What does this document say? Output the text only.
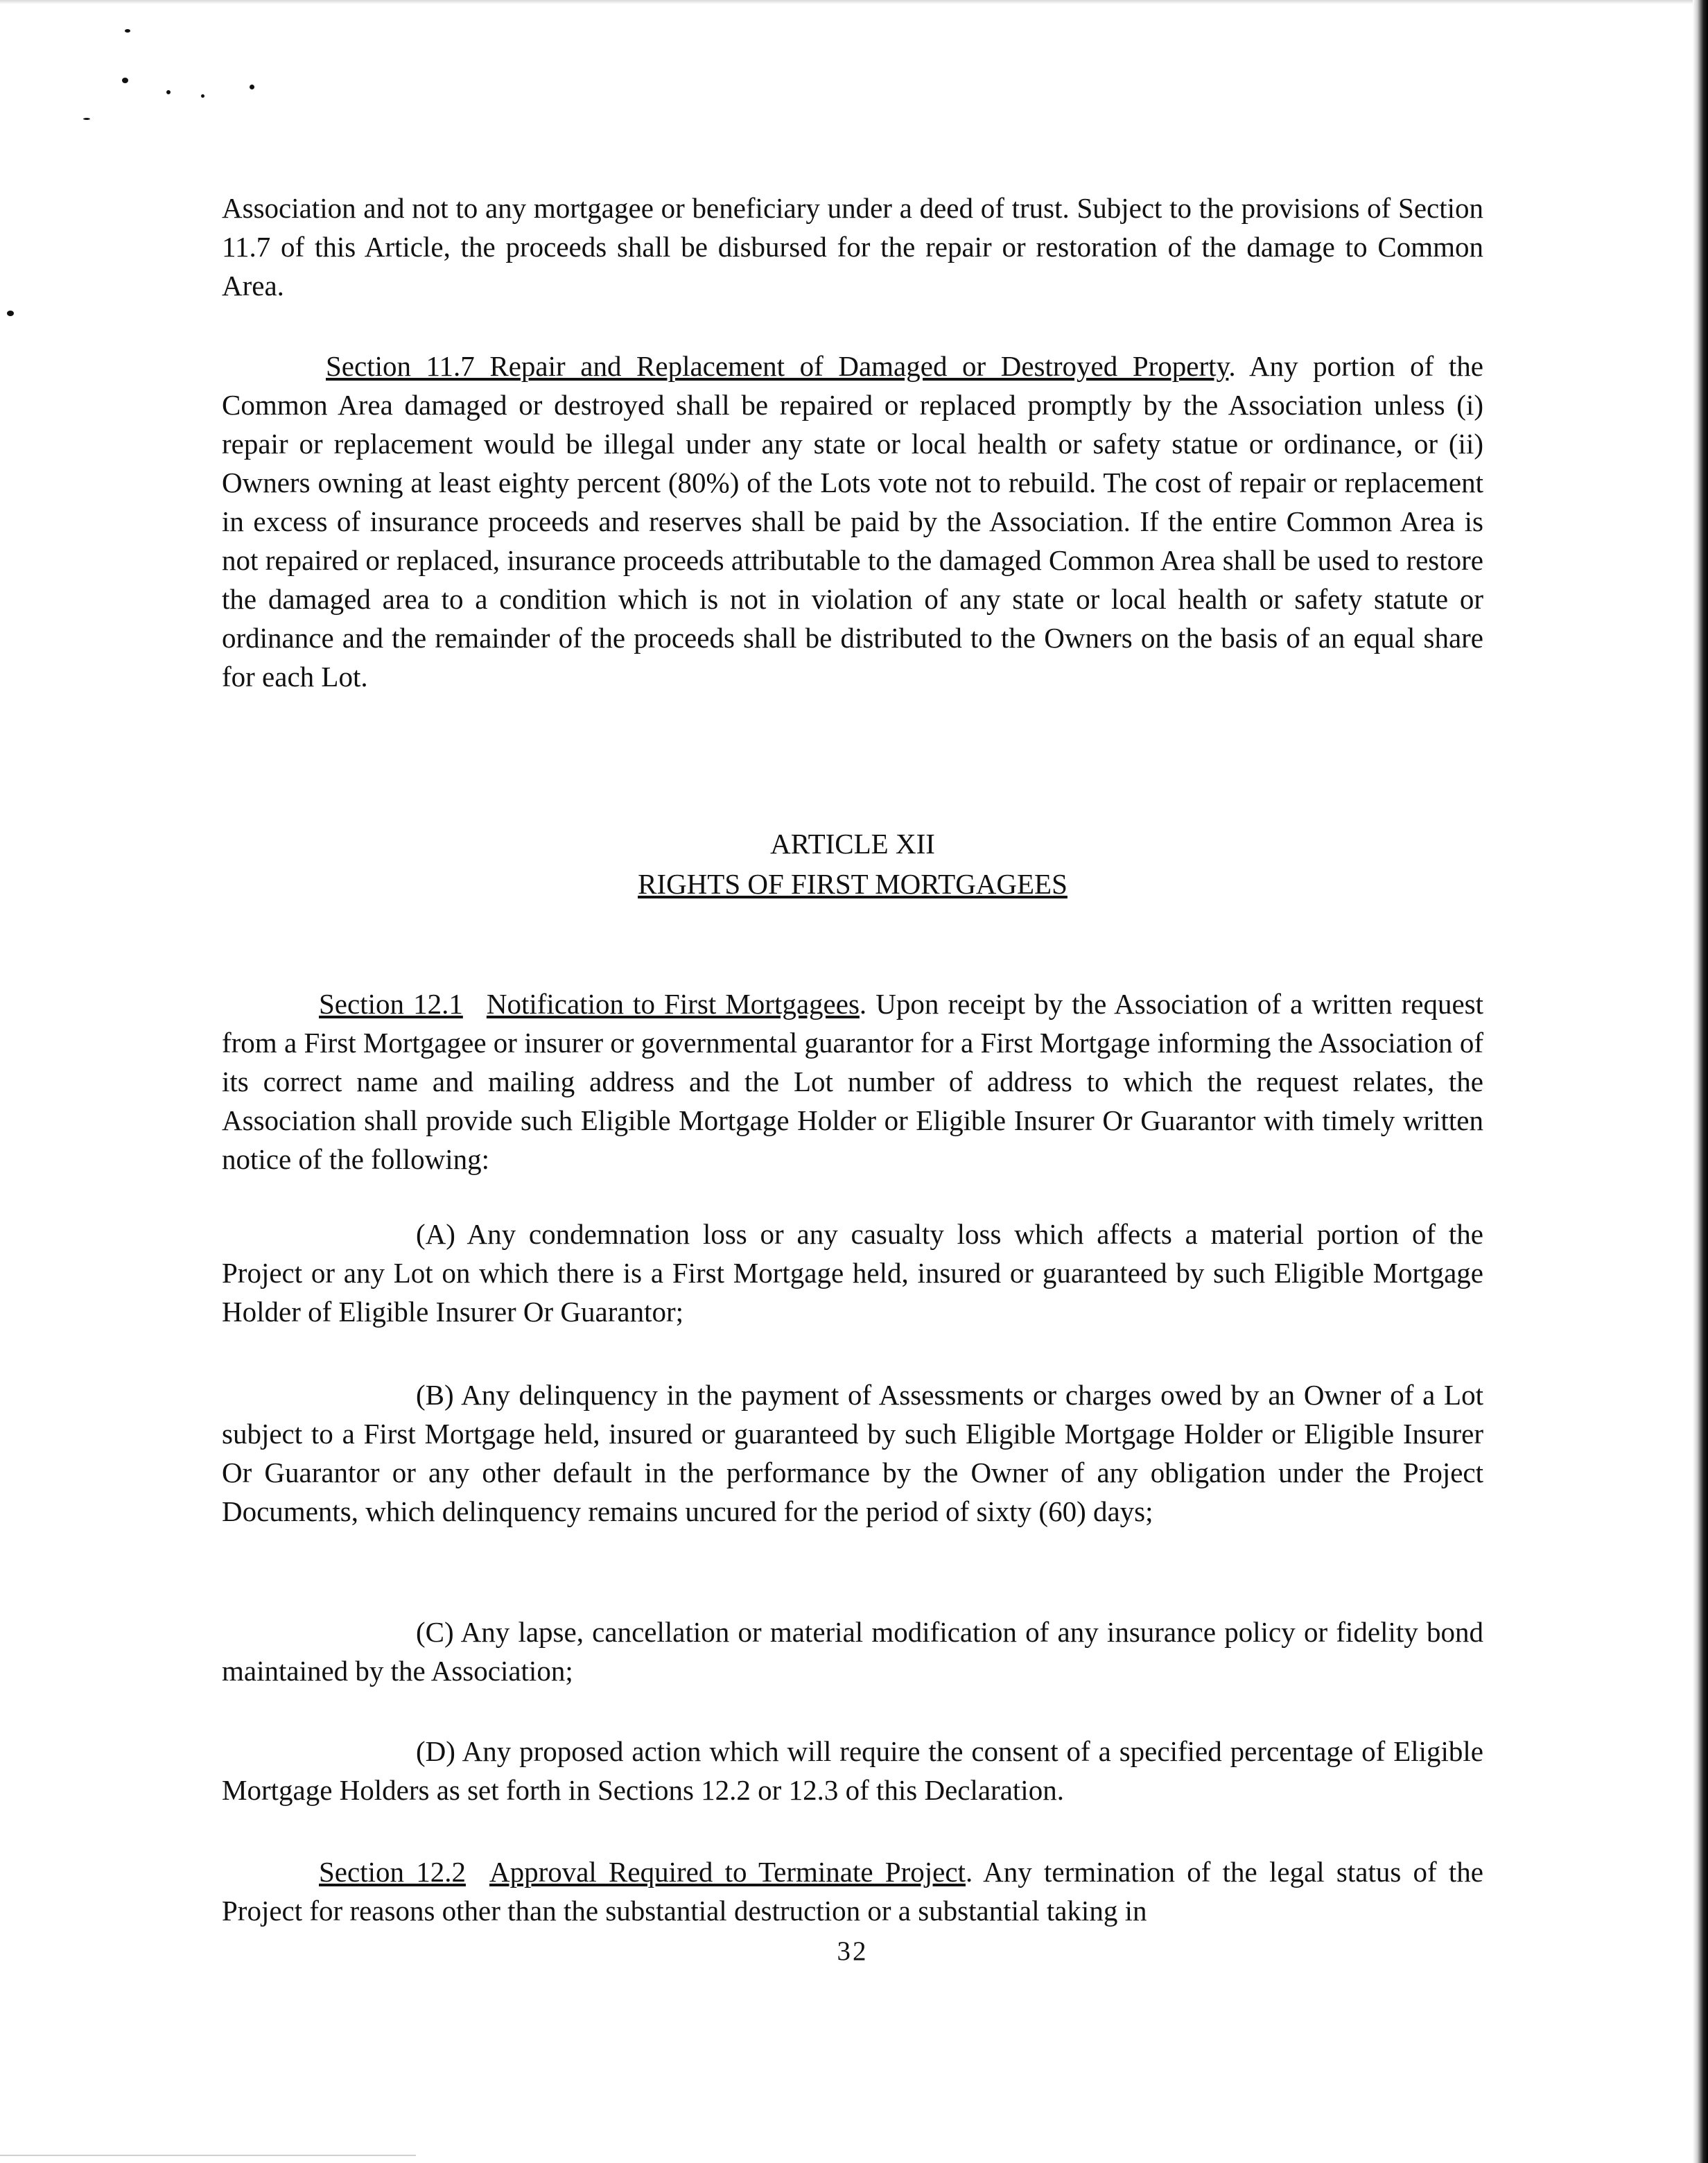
Association and not to any mortgagee or beneficiary under a deed of trust. Subject to the provisions of Section 11.7 of this Article, the proceeds shall be disbursed for the repair or restoration of the damage to Common Area.

Section 11.7 Repair and Replacement of Damaged or Destroyed Property. Any portion of the Common Area damaged or destroyed shall be repaired or replaced promptly by the Association unless (i) repair or replacement would be illegal under any state or local health or safety statue or ordinance, or (ii) Owners owning at least eighty percent (80%) of the Lots vote not to rebuild. The cost of repair or replacement in excess of insurance proceeds and reserves shall be paid by the Association. If the entire Common Area is not repaired or replaced, insurance proceeds attributable to the damaged Common Area shall be used to restore the damaged area to a condition which is not in violation of any state or local health or safety statute or ordinance and the remainder of the proceeds shall be distributed to the Owners on the basis of an equal share for each Lot.

ARTICLE XII
RIGHTS OF FIRST MORTGAGEES

Section 12.1 Notification to First Mortgagees. Upon receipt by the Association of a written request from a First Mortgagee or insurer or governmental guarantor for a First Mortgage informing the Association of its correct name and mailing address and the Lot number of address to which the request relates, the Association shall provide such Eligible Mortgage Holder or Eligible Insurer Or Guarantor with timely written notice of the following:

(A) Any condemnation loss or any casualty loss which affects a material portion of the Project or any Lot on which there is a First Mortgage held, insured or guaranteed by such Eligible Mortgage Holder of Eligible Insurer Or Guarantor;

(B) Any delinquency in the payment of Assessments or charges owed by an Owner of a Lot subject to a First Mortgage held, insured or guaranteed by such Eligible Mortgage Holder or Eligible Insurer Or Guarantor or any other default in the performance by the Owner of any obligation under the Project Documents, which delinquency remains uncured for the period of sixty (60) days;

(C) Any lapse, cancellation or material modification of any insurance policy or fidelity bond maintained by the Association;

(D) Any proposed action which will require the consent of a specified percentage of Eligible Mortgage Holders as set forth in Sections 12.2 or 12.3 of this Declaration.

Section 12.2 Approval Required to Terminate Project. Any termination of the legal status of the Project for reasons other than the substantial destruction or a substantial taking in

32
